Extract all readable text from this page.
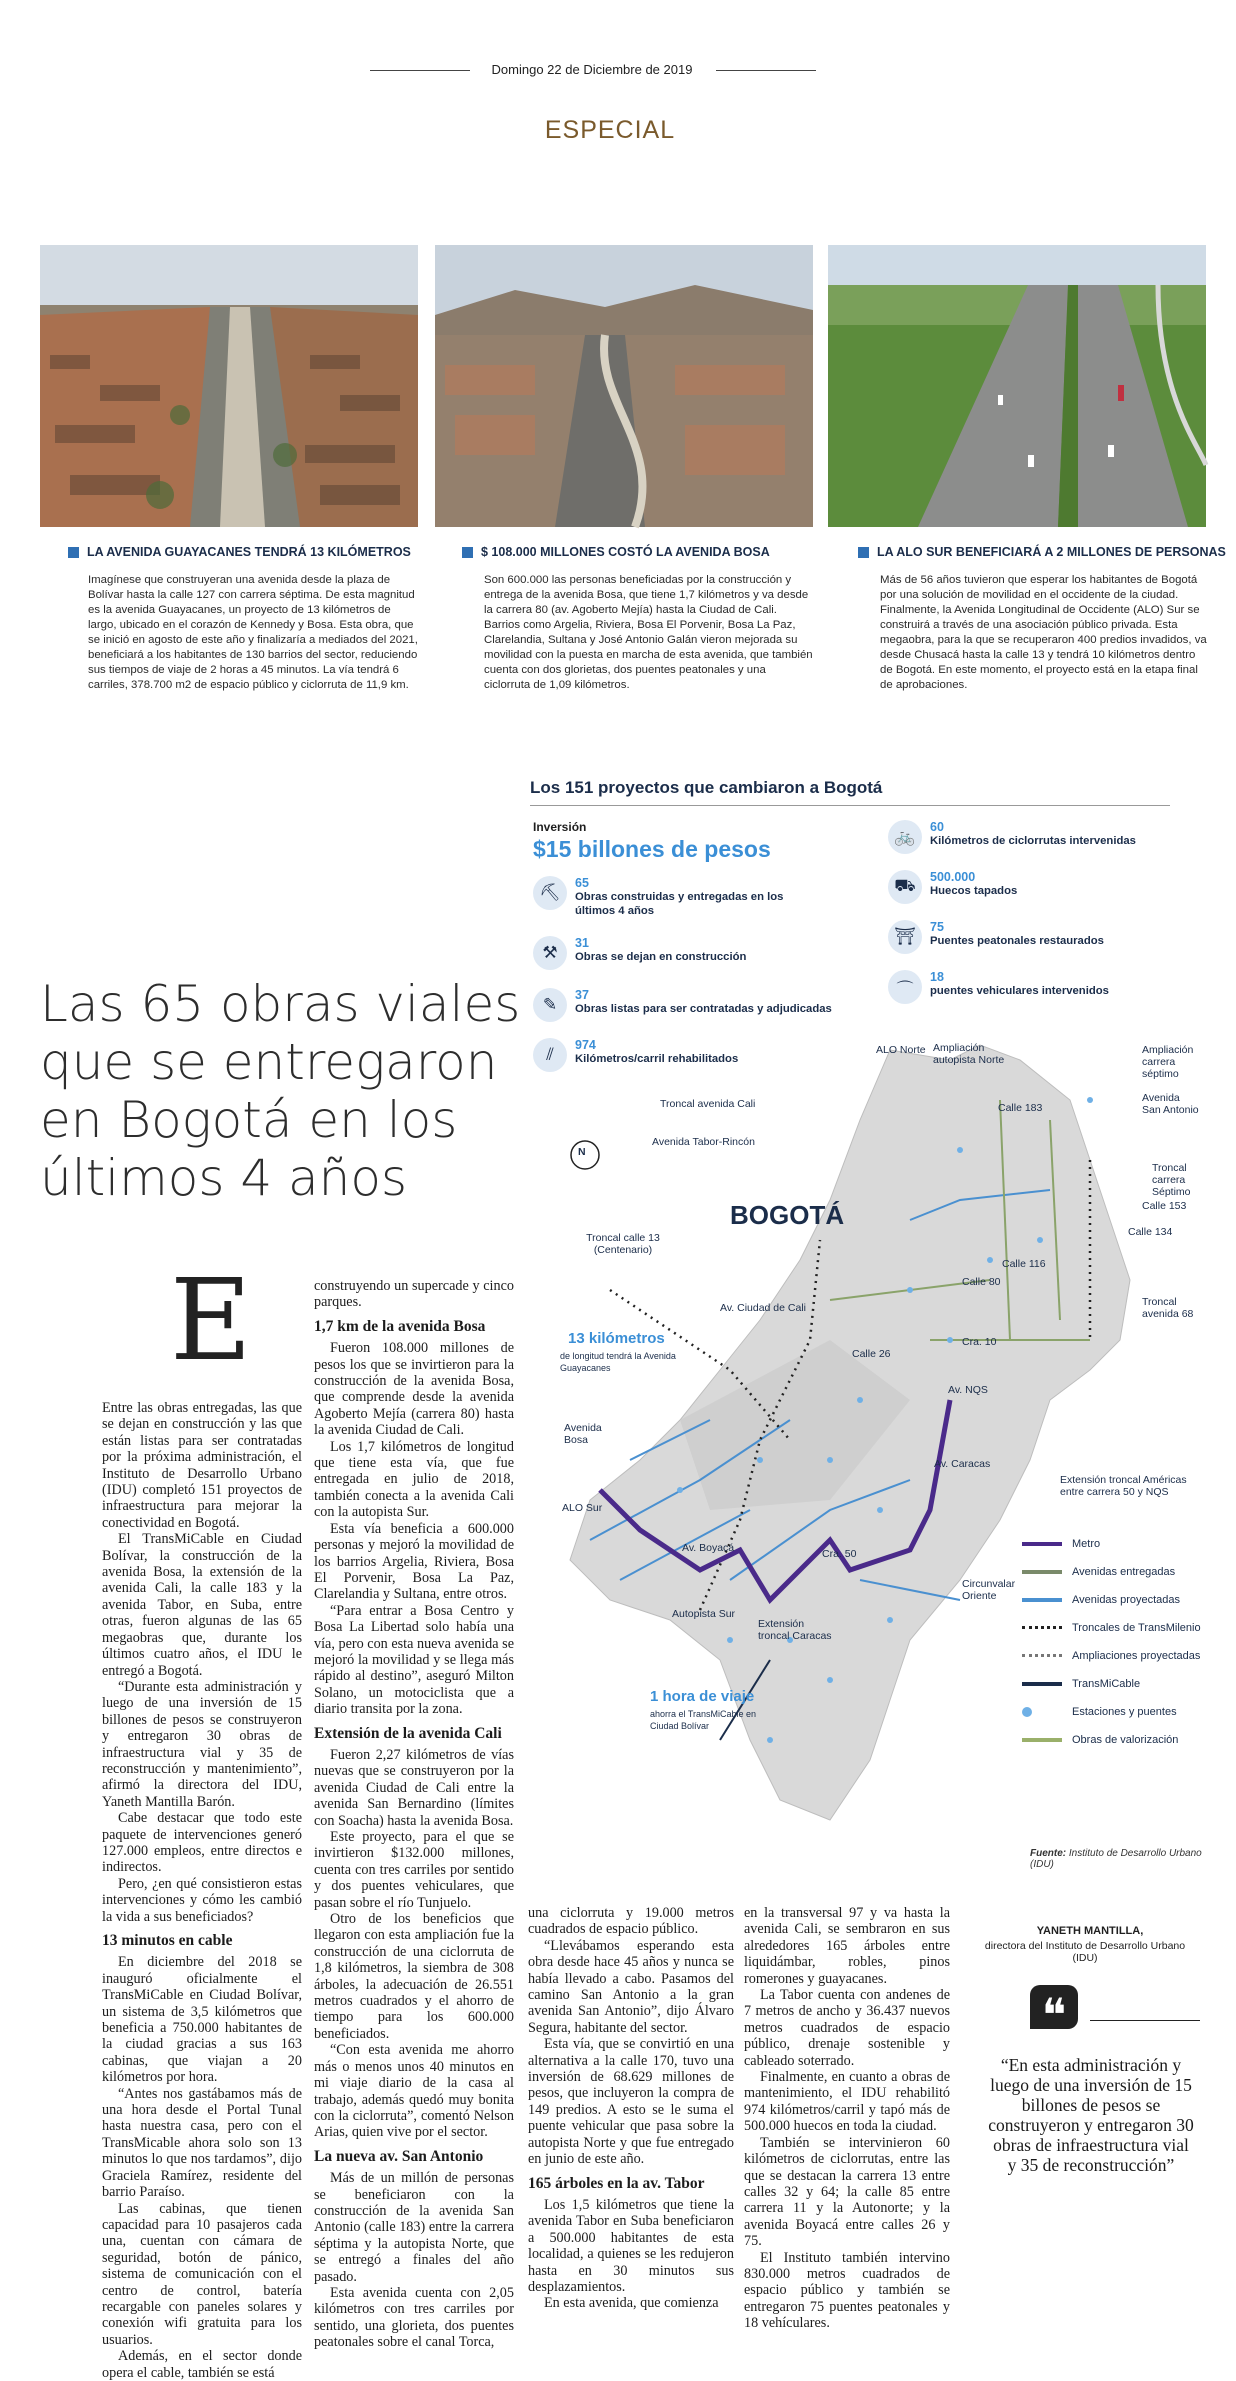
Domingo 22 de Diciembre de 2019
ESPECIAL
LA AVENIDA GUAYACANES TENDRÁ 13 KILÓMETROS
Imagínese que construyeran una avenida desde la plaza de Bolívar hasta la calle 127 con carrera séptima. De esta magnitud es la avenida Guayacanes, un proyecto de 13 kilómetros de largo, ubicado en el corazón de Kennedy y Bosa. Esta obra, que se inició en agosto de este año y finalizaría a mediados del 2021, beneficiará a los habitantes de 130 barrios del sector, reduciendo sus tiempos de viaje de 2 horas a 45 minutos. La vía tendrá 6 carriles, 378.700 m2 de espacio público y ciclorruta de 11,9 km.
$ 108.000 MILLONES COSTÓ LA AVENIDA BOSA
Son 600.000 las personas beneficiadas por la construcción y entrega de la avenida Bosa, que tiene 1,7 kilómetros y va desde la carrera 80 (av. Agoberto Mejía) hasta la Ciudad de Cali. Barrios como Argelia, Riviera, Bosa El Porvenir, Bosa La Paz, Clarelandia, Sultana y José Antonio Galán vieron mejorada su movilidad con la puesta en marcha de esta avenida, que también cuenta con dos glorietas, dos puentes peatonales y una ciclorruta de 1,09 kilómetros.
LA ALO SUR BENEFICIARÁ A 2 MILLONES DE PERSONAS
Más de 56 años tuvieron que esperar los habitantes de Bogotá por una solución de movilidad en el occidente de la ciudad. Finalmente, la Avenida Longitudinal de Occidente (ALO) Sur se construirá a través de una asociación público privada. Esta megaobra, para la que se recuperaron 400 predios invadidos, va desde Chusacá hasta la calle 13 y tendrá 10 kilómetros dentro de Bogotá. En este momento, el proyecto está en la etapa final de aprobaciones.
Las 65 obras viales que se entregaron en Bogotá en los últimos 4 años
Los 151 proyectos que cambiaron a Bogotá
Inversión
$15 billones de pesos
⛏	65
Obras construidas y entregadas en los últimos 4 años
⚒	31
Obras se dejan en construcción
✎	37
Obras listas para ser contratadas y adjudicadas
⫽	974
Kilómetros/carril rehabilitados
🚲	60
Kilómetros de ciclorrutas intervenidas
⛟	500.000
Huecos tapados
⛩	75
Puentes peatonales restaurados
⌒
18
puentes vehiculares intervenidos
N
BOGOTÁ
ALO Norte Ampliación autopista Norte
Ampliación carrera séptimo
Avenida San Antonio
Troncal avenida Cali
Avenida Tabor-Rincón
Calle 183
Troncal carrera Séptimo
Calle 153
Calle 134
Calle 116
Troncal avenida 68
Troncal calle 13 (Centenario)
Calle 80
Av. Ciudad de Cali
Calle 26
Cra. 10
Av. NQS
Avenida Bosa
Av. Caracas
Extensión troncal Américas entre carrera 50 y NQS
ALO Sur
Av. Boyacá	Cra. 50
Circunvalar Oriente
Autopista Sur
Extensión troncal Caracas
13 kilómetros
de longitud tendrá la Avenida Guayacanes
1 hora de viaje
ahorra el TransMiCable en Ciudad Bolívar
Metro
Avenidas entregadas
Avenidas proyectadas
Troncales de TransMilenio
Ampliaciones proyectadas
TransMiCable
Estaciones y puentes
Obras de valorización
Fuente: Instituto de Desarrollo Urbano (IDU)
E

Entre las obras entregadas, las que se dejan en construcción y las que están listas para ser contratadas por la próxima administración, el Instituto de Desarrollo Urbano (IDU) completó 151 proyectos de infraestructura para mejorar la conectividad en Bogotá.

El TransMiCable en Ciudad Bolívar, la construcción de la avenida Bosa, la extensión de la avenida Cali, la calle 183 y la avenida Tabor, en Suba, entre otras, fueron algunas de las 65 megaobras que, durante los últimos cuatro años, el IDU le entregó a Bogotá.

“Durante esta administración y luego de una inversión de 15 billones de pesos se construyeron y entregaron 30 obras de infraestructura vial y 35 de reconstrucción y mantenimiento”, afirmó la directora del IDU, Yaneth Mantilla Barón.

Cabe destacar que todo este paquete de intervenciones generó 127.000 empleos, entre directos e indirectos.

Pero, ¿en qué consistieron estas intervenciones y cómo les cambió la vida a sus beneficiados?

13 minutos en cable

En diciembre del 2018 se inauguró oficialmente el TransMiCable en Ciudad Bolívar, un sistema de 3,5 kilómetros que beneficia a 750.000 habitantes de la ciudad gracias a sus 163 cabinas, que viajan a 20 kilómetros por hora.

“Antes nos gastábamos más de una hora desde el Portal Tunal hasta nuestra casa, pero con el TransMicable ahora solo son 13 minutos lo que nos tardamos”, dijo Graciela Ramírez, residente del barrio Paraíso.

Las cabinas, que tienen capacidad para 10 pasajeros cada una, cuentan con cámara de seguridad, botón de pánico, sistema de comunicación con el centro de control, batería recargable con paneles solares y conexión wifi gratuita para los usuarios.

Además, en el sector donde opera el cable, también se está

construyendo un supercade y cinco parques.

1,7 km de la avenida Bosa

Fueron 108.000 millones de pesos los que se invirtieron para la construcción de la avenida Bosa, que comprende desde la avenida Agoberto Mejía (carrera 80) hasta la avenida Ciudad de Cali.

Los 1,7 kilómetros de longitud que tiene esta vía, que fue entregada en julio de 2018, también conecta a la avenida Cali con la autopista Sur.

Esta vía beneficia a 600.000 personas y mejoró la movilidad de los barrios Argelia, Riviera, Bosa El Porvenir, Bosa La Paz, Clarelandia y Sultana, entre otros.

“Para entrar a Bosa Centro y Bosa La Libertad solo había una vía, pero con esta nueva avenida se mejoró la movilidad y se llega más rápido al destino”, aseguró Milton Solano, un motociclista que a diario transita por la zona.

Extensión de la avenida Cali

Fueron 2,27 kilómetros de vías nuevas que se construyeron por la avenida Ciudad de Cali entre la avenida San Bernardino (límites con Soacha) hasta la avenida Bosa.

Este proyecto, para el que se invirtieron $132.000 millones, cuenta con tres carriles por sentido y dos puentes vehiculares, que pasan sobre el río Tunjuelo.

Otro de los beneficios que llegaron con esta ampliación fue la construcción de una ciclorruta de 1,8 kilómetros, la siembra de 308 árboles, la adecuación de 26.551 metros cuadrados y el ahorro de tiempo para los 600.000 beneficiados.

“Con esta avenida me ahorro más o menos unos 40 minutos en mi viaje diario de la casa al trabajo, además quedó muy bonita con la ciclorruta”, comentó Nelson Arias, quien vive por el sector.

La nueva av. San Antonio

Más de un millón de personas se beneficiaron con la construcción de la avenida San Antonio (calle 183) entre la carrera séptima y la autopista Norte, que se entregó a finales del año pasado.

Esta avenida cuenta con 2,05 kilómetros con tres carriles por sentido, una glorieta, dos puentes peatonales sobre el canal Torca,

una ciclorruta y 19.000 metros cuadrados de espacio público.

“Llevábamos esperando esta obra desde hace 45 años y nunca se había llevado a cabo. Pasamos del camino San Antonio a la gran avenida San Antonio”, dijo Álvaro Segura, habitante del sector.

Esta vía, que se convirtió en una alternativa a la calle 170, tuvo una inversión de 68.629 millones de pesos, que incluyeron la compra de 149 predios. A esto se le suma el puente vehicular que pasa sobre la autopista Norte y que fue entregado en junio de este año.

165 árboles en la av. Tabor

Los 1,5 kilómetros que tiene la avenida Tabor en Suba beneficiaron a 500.000 habitantes de esta localidad, a quienes se les redujeron hasta en 30 minutos sus desplazamientos.

En esta avenida, que comienza

en la transversal 97 y va hasta la avenida Cali, se sembraron en sus alrededores 165 árboles entre liquidámbar, robles, pinos romerones y guayacanes.

La Tabor cuenta con andenes de 7 metros de ancho y 36.437 nuevos metros cuadrados de espacio público, drenaje sostenible y cableado soterrado.

Finalmente, en cuanto a obras de mantenimiento, el IDU rehabilitó 974 kilómetros/carril y tapó más de 500.000 huecos en toda la ciudad.

También se intervinieron 60 kilómetros de ciclorrutas, entre las que se destacan la carrera 13 entre calles 32 y 64; la calle 85 entre carrera 11 y la Autonorte; y la avenida Boyacá entre calles 26 y 75.

El Instituto también intervino 830.000 metros cuadrados de espacio público y también se entregaron 75 puentes peatonales y 18 vehículares.

YANETH MANTILLA,
directora del Instituto de Desarrollo Urbano (IDU)
❝
“En esta administración y luego de una inversión de 15 billones de pesos se construyeron y entregaron 30 obras de infraestructura vial y 35 de reconstrucción”
